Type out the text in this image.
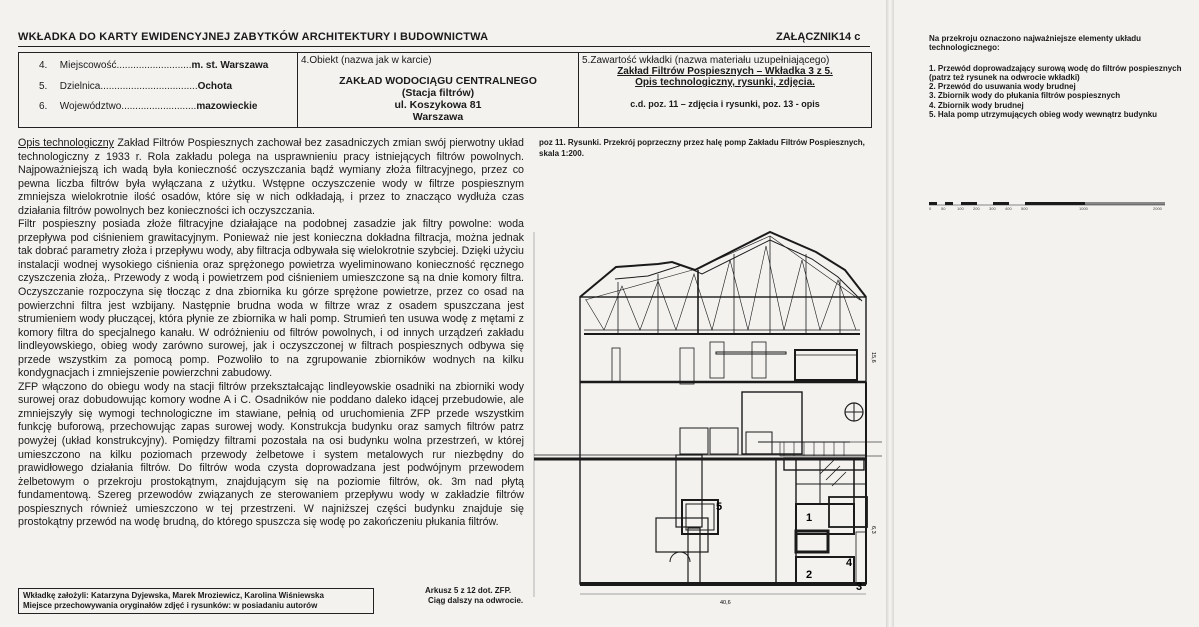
WKŁADKA DO KARTY EWIDENCYJNEJ ZABYTKÓW ARCHITEKTURY I BUDOWNICTWA	ZAŁĄCZNIK14 c
4. Miejscowość...........................m. st. Warszawa
5. Dzielnica...................................Ochota
6. Województwo...........................mazowieckie
4.Obiekt (nazwa jak w karcie)
ZAKŁAD WODOCIĄGU CENTRALNEGO
(Stacja filtrów)
ul. Koszykowa 81
Warszawa
5.Zawartość wkładki (nazwa materiału uzupełniającego)
Zakład Filtrów Pospiesznych – Wkładka 3 z 5.
Opis technologiczny, rysunki, zdjęcia.
c.d. poz. 11 – zdjęcia i rysunki, poz. 13 - opis

Opis technologiczny Zakład Filtrów Pospiesznych zachował bez zasadniczych zmian swój pierwotny układ technologiczny z 1933 r. Rola zakładu polega na usprawnieniu pracy istniejących filtrów powolnych. Najpoważniejszą ich wadą była konieczność oczyszczania bądź wymiany złoża filtracyjnego, przez co pewna liczba filtrów była wyłączana z użytku. Wstępne oczyszczenie wody w filtrze pospiesznym zmniejsza wielokrotnie ilość osadów, które się w nich odkładają, i przez to znacząco wydłuża czas działania filtrów powolnych bez konieczności ich oczyszczania.

Filtr pospieszny posiada złoże filtracyjne działające na podobnej zasadzie jak filtry powolne: woda przepływa pod ciśnieniem grawitacyjnym. Ponieważ nie jest konieczna dokładna filtracja, można jednak tak dobrać parametry złoża i przepływu wody, aby filtracja odbywała się wielokrotnie szybciej. Dzięki użyciu instalacji wodnej wysokiego ciśnienia oraz sprężonego powietrza wyeliminowano konieczność ręcznego czyszczenia złoża,. Przewody z wodą i powietrzem pod ciśnieniem umieszczone są na dnie komory filtra. Oczyszczanie rozpoczyna się tłocząc z dna zbiornika ku górze sprężone powietrze, przez co osad na powierzchni filtra jest wzbijany. Następnie brudna woda w filtrze wraz z osadem spuszczana jest strumieniem wody płuczącej, która płynie ze zbiornika w hali pomp. Strumień ten usuwa wodę z mętami z komory filtra do specjalnego kanału. W odróżnieniu od filtrów powolnych, i od innych urządzeń zakładu lindleyowskiego, obieg wody zarówno surowej, jak i oczyszczonej w filtrach pospiesznych odbywa się przede wszystkim za pomocą pomp. Pozwoliło to na zgrupowanie zbiorników wodnych na kilku kondygnacjach i zmniejszenie powierzchni zabudowy.

ZFP włączono do obiegu wody na stacji filtrów przekształcając lindleyowskie osadniki na zbiorniki wody surowej oraz dobudowując komory wodne A i C. Osadników nie poddano daleko idącej przebudowie, ale zmniejszyły się wymogi technologiczne im stawiane, pełnią od uruchomienia ZFP przede wszystkim funkcję buforową, przechowując zapas surowej wody. Konstrukcja budynku oraz samych filtrów patrz powyżej (układ konstrukcyjny). Pomiędzy filtrami pozostała na osi budynku wolna przestrzeń, w której umieszczono na kilku poziomach przewody żelbetowe i system metalowych rur niezbędny do prawidłowego działania filtrów. Do filtrów woda czysta doprowadzana jest podwójnym przewodem żelbetowym o przekroju prostokątnym, znajdującym się na poziomie filtrów, ok. 3m nad płytą fundamentową. Szereg przewodów związanych ze sterowaniem przepływu wody w zakładzie filtrów pospiesznych również umieszczono w tej przestrzeni. W najniższej części budynku znajduje się prostokątny przewód na wodę brudną, do którego spuszcza się wodę po zakończeniu płukania filtrów.

Wkładkę założyli: Katarzyna Dyjewska, Marek Mroziewicz, Karolina Wiśniewska
Miejsce przechowywania oryginałów zdjęć i rysunków: w posiadaniu autorów
Arkusz 5 z 12 dot. ZFP.
Ciąg dalszy na odwrocie.
poz 11. Rysunki. Przekrój poprzeczny przez halę pomp Zakładu Filtrów Pospiesznych, skala 1:200.
3
1
2
4
5
40,6
15,6
6,3
Na przekroju oznaczono najważniejsze elementy układu technologicznego:
1. Przewód doprowadzający surową wodę do filtrów pospiesznych (patrz też rysunek na odwrocie wkładki)
2. Przewód do usuwania wody brudnej
3. Zbiornik wody do płukania filtrów pospiesznych
4. Zbiornik wody brudnej
5. Hala pomp utrzymujących obieg wody wewnątrz budynku
0 50	100 200 300 400 500	1000	2000
